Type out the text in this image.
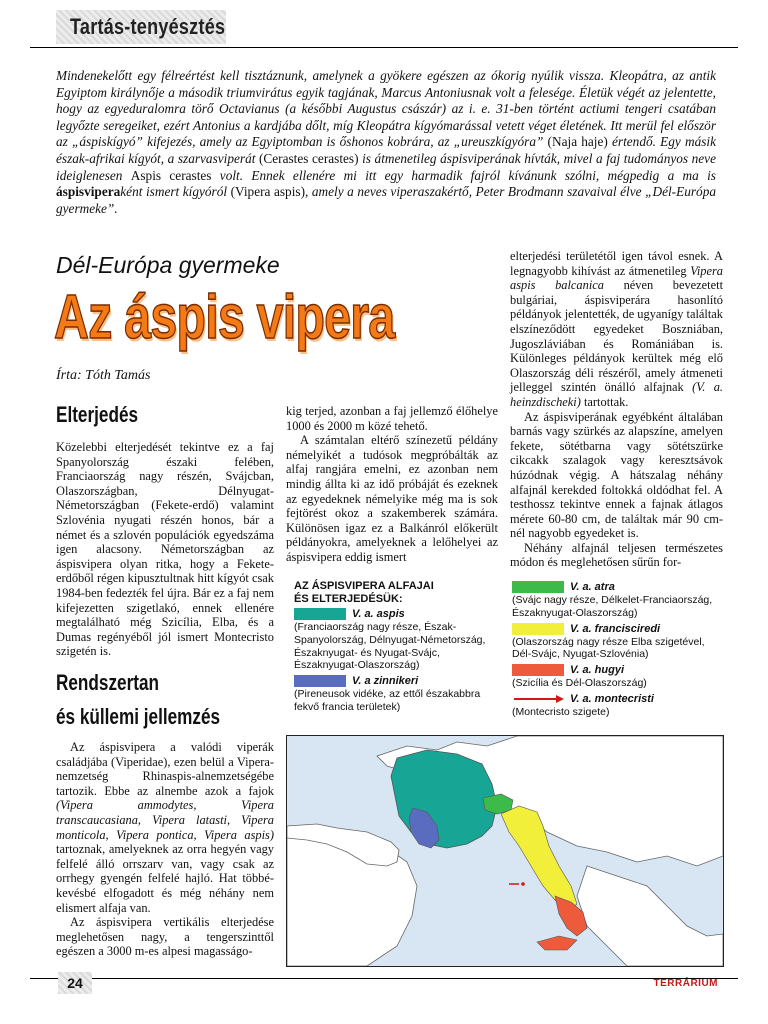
Tartás-tenyésztés
Mindenekelőtt egy félreértést kell tisztáznunk, amelynek a gyökere egészen az ókorig nyúlik vissza. Kleopátra, az antik Egyiptom királynője a második triumvirátus egyik tagjának, Marcus Antoniusnak volt a felesége. Életük végét az jelentette, hogy az egyeduralomra törő Octavianus (a későbbi Augustus császár) az i. e. 31-ben történt actiumi tengeri csatában legyőzte seregeiket, ezért Antonius a kardjába dőlt, míg Kleopátra kígyómarással vetett véget életének. Itt merül fel először az „áspiskígyó” kifejezés, amely az Egyiptomban is őshonos kobrára, az „ureuszkígyóra” (Naja haje) értendő. Egy másik észak-afrikai kígyót, a szarvasviperát (Cerastes cerastes) is átmenetileg áspisviperának hívták, mivel a faj tudományos neve ideiglenesen Aspis cerastes volt. Ennek ellenére mi itt egy harmadik fajról kívánunk szólni, mégpedig a ma is áspisviperaként ismert kígyóról (Vipera aspis), amely a neves viperaszakértő, Peter Brodmann szavaival élve „Dél-Európa gyermeke”.
Dél-Európa gyermeke
Az áspis vipera
Írta: Tóth Tamás
Elterjedés

Közelebbi elterjedését tekintve ez a faj Spanyolország északi felében, Franciaország nagy részén, Svájcban, Olaszországban, Délnyugat-Németországban (Fekete-erdő) valamint Szlovénia nyugati részén honos, bár a német és a szlovén populációk egyedszáma igen alacsony. Németországban az áspisvipera olyan ritka, hogy a Fekete-erdőből régen kipusztultnak hitt kígyót csak 1984-ben fedezték fel újra. Bár ez a faj nem kifejezetten szigetlakó, ennek ellenére megtalálható még Szicília, Elba, és a Dumas regényéből jól ismert Montecristo szigetén is.

Rendszertan
és küllemi jellemzés

Az áspisvipera a valódi viperák családjába (Viperidae), ezen belül a Vipera-nemzetség Rhinaspis-alnemzetségébe tartozik. Ebbe az alnembe azok a fajok (Vipera ammodytes, Vipera transcaucasiana, Vipera latasti, Vipera monticola, Vipera pontica, Vipera aspis) tartoznak, amelyeknek az orra hegyén vagy felfelé álló orrszarv van, vagy csak az orrhegy gyengén felfelé hajló. Hat többé-kevésbé elfogadott és még néhány nem elismert alfaja van.

Az áspisvipera vertikális elterjedése meglehetősen nagy, a tengerszinttől egészen a 3000 m-es alpesi magasságo-

kig terjed, azonban a faj jellemző élőhelye 1000 és 2000 m közé tehető.

A számtalan eltérő színezetű példány némelyikét a tudósok megpróbálták az alfaj rangjára emelni, ez azonban nem mindig állta ki az idő próbáját és ezeknek az egyedeknek némelyike még ma is sok fejtörést okoz a szakemberek számára. Különösen igaz ez a Balkánról előkerült példányokra, amelyeknek a lelőhelyei az áspisvipera eddig ismert

elterjedési területétől igen távol esnek. A legnagyobb kihívást az átmenetileg Vipera aspis balcanica néven bevezetett bulgáriai, áspisviperára hasonlító példányok jelentették, de ugyanígy találtak elszíneződött egyedeket Boszniában, Jugoszláviában és Romániában is. Különleges példányok kerültek még elő Olaszország déli részéről, amely átmeneti jelleggel szintén önálló alfajnak (V. a. heinzdischeki) tartottak.

Az áspisviperának egyébként általában barnás vagy szürkés az alapszíne, amelyen fekete, sötétbarna vagy sötétszürke cikcakk szalagok vagy keresztsávok húzódnak végig. A hátszalag néhány alfajnál kerekded foltokká oldódhat fel. A testhossz tekintve ennek a fajnak átlagos mérete 60-80 cm, de találtak már 90 cm-nél nagyobb egyedeket is.

Néhány alfajnál teljesen természetes módon és meglehetősen sűrűn for-

AZ ÁSPISVIPERA ALFAJAI
ÉS ELTERJEDÉSÜK:
V. a. aspis
(Franciaország nagy része, Észak-Spanyolország, Délnyugat-Németország, Északnyugat- és Nyugat-Svájc, Északnyugat-Olaszország)
V. a zinnikeri
(Pireneusok vidéke, az ettől északabbra fekvő francia területek)
V. a. atra
(Svájc nagy része, Délkelet-Franciaország, Északnyugat-Olaszország)
V. a. francisciredi
(Olaszország nagy része Elba szigetével, Dél-Svájc, Nyugat-Szlovénia)
V. a. hugyi
(Szicília és Dél-Olaszország)
V. a. montecristi
(Montecristo szigete)
24	TERRÁRIUM
